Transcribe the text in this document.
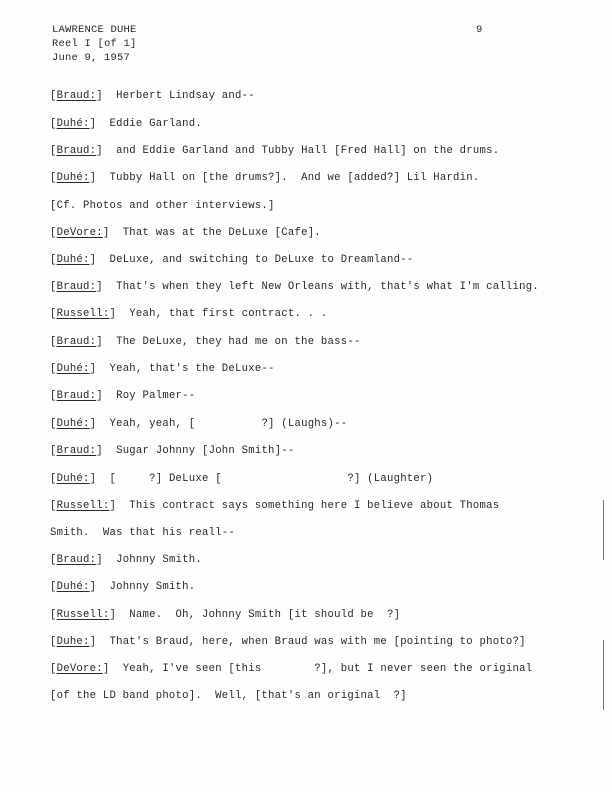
LAWRENCE DUHE
Reel I [of 1]
June 9, 1957
9
[Braud:]  Herbert Lindsay and--
[Duhé:]  Eddie Garland.
[Braud:]  and Eddie Garland and Tubby Hall [Fred Hall] on the drums.
[Duhé:]  Tubby Hall on [the drums?].  And we [added?] Lil Hardin.
[Cf. Photos and other interviews.]
[DeVore:]  That was at the DeLuxe [Cafe].
[Duhé:]  DeLuxe, and switching to DeLuxe to Dreamland--
[Braud:]  That's when they left New Orleans with, that's what I'm calling.
[Russell:]  Yeah, that first contract. . .
[Braud:]  The DeLuxe, they had me on the bass--
[Duhé:]  Yeah, that's the DeLuxe--
[Braud:]  Roy Palmer--
[Duhé:]  Yeah, yeah, [          ?] (Laughs)--
[Braud:]  Sugar Johnny [John Smith]--
[Duhé:]  [     ?] DeLuxe [                   ?] (Laughter)
[Russell:]  This contract says something here I believe about Thomas
Smith.  Was that his reall--
[Braud:]  Johnny Smith.
[Duhé:]  Johnny Smith.
[Russell:]  Name.  Oh, Johnny Smith [it should be  ?]
[Duhe:]  That's Braud, here, when Braud was with me [pointing to photo?]
[DeVore:]  Yeah, I've seen [this        ?], but I never seen the original
[of the LD band photo].  Well, [that's an original  ?]
